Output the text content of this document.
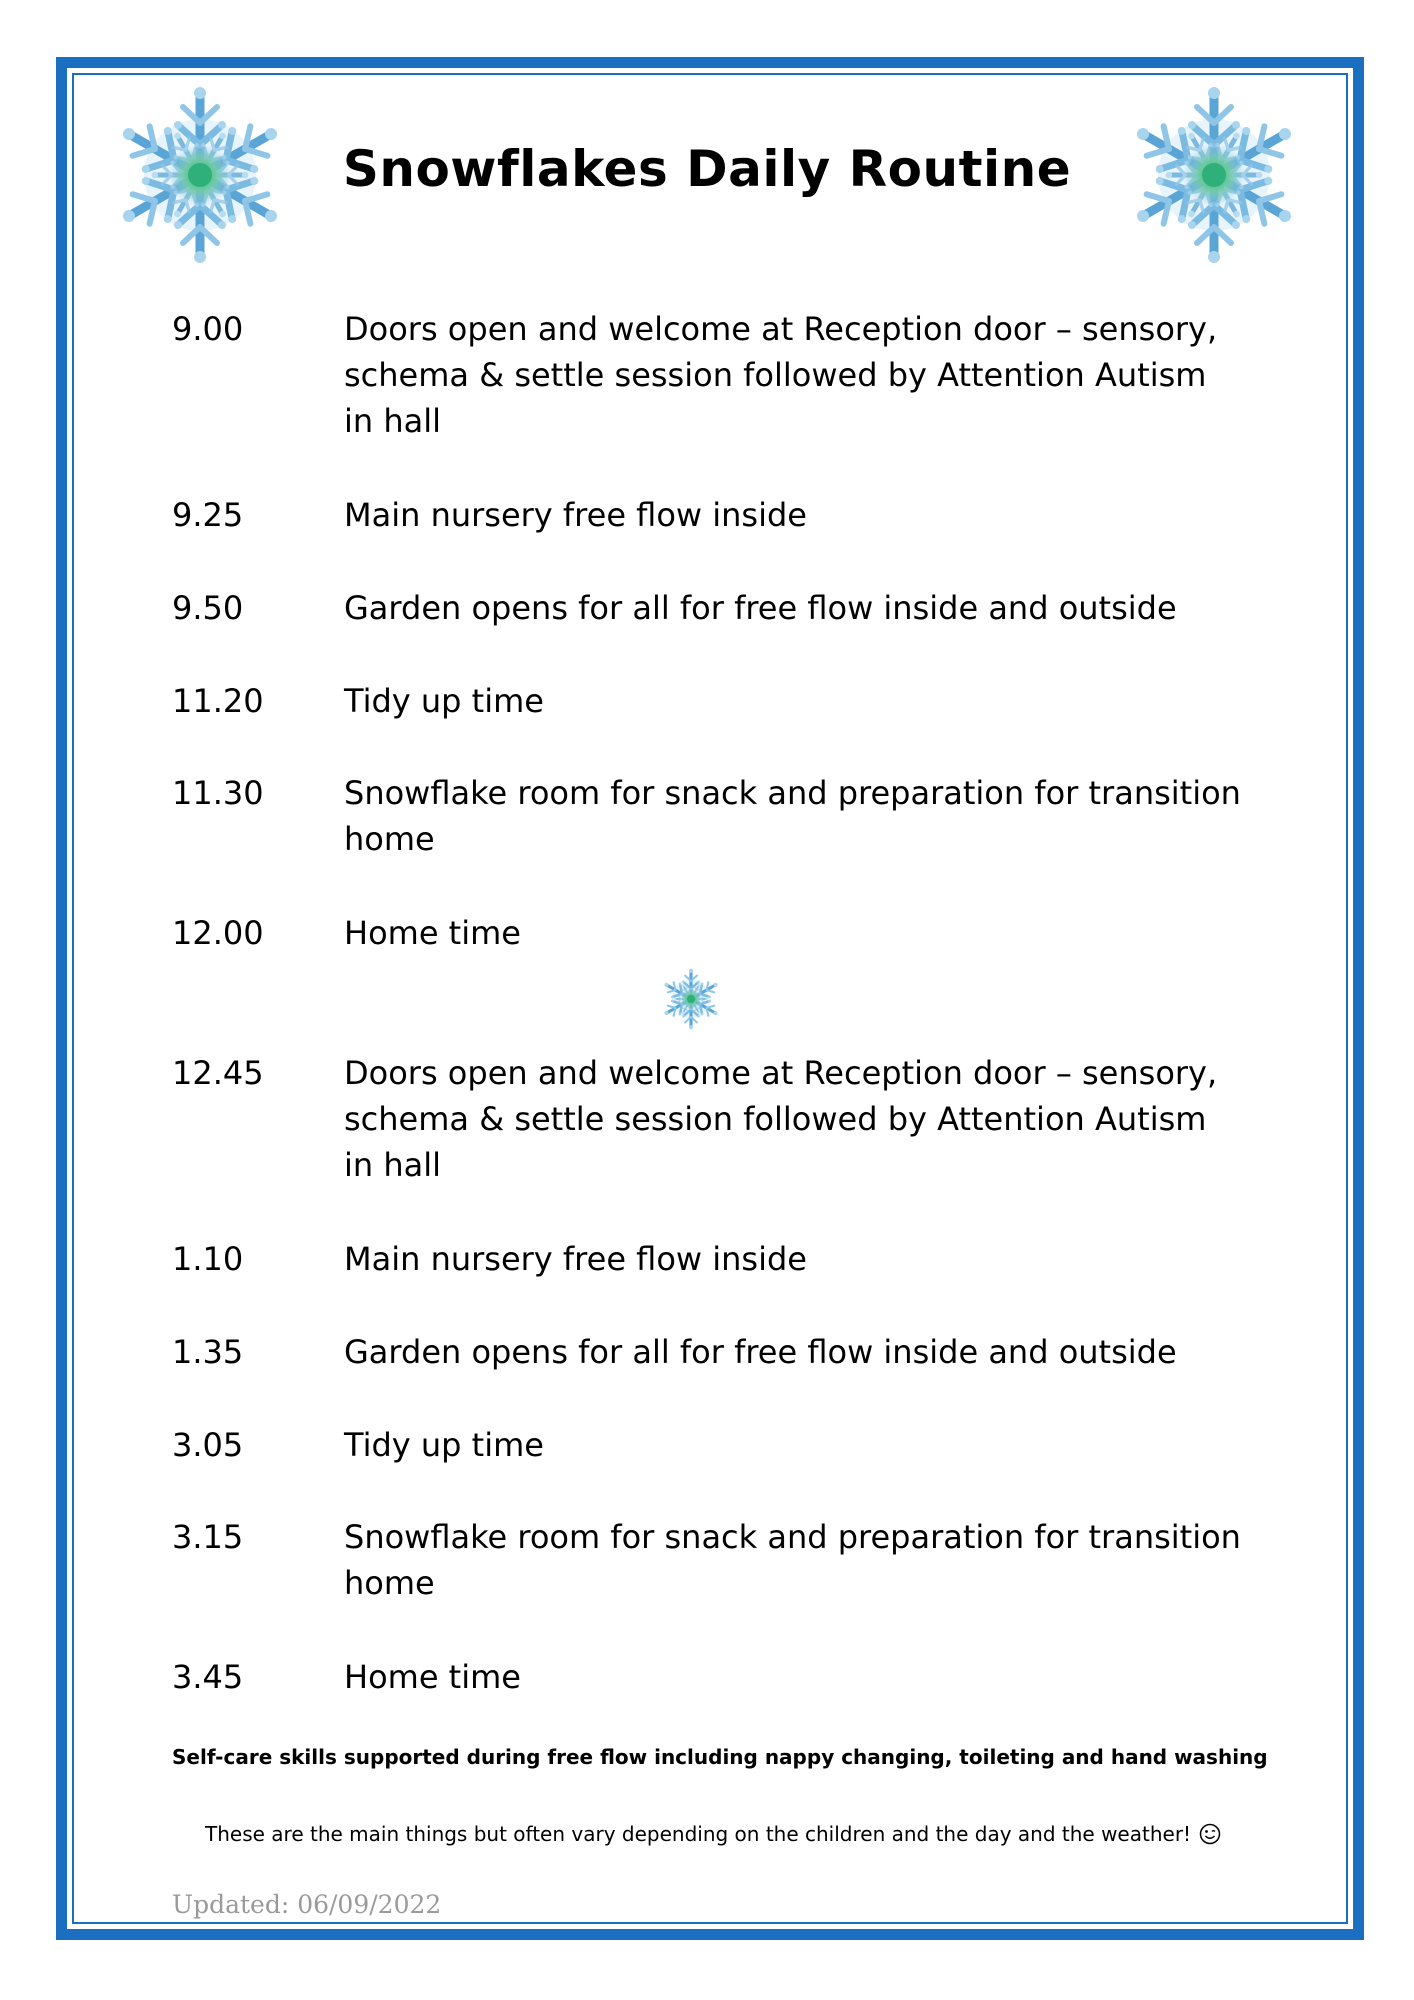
Snowflakes Daily Routine
9.00	Doors open and welcome at Reception door – sensory, schema & settle session followed by Attention Autism in hall
9.25	Main nursery free flow inside
9.50	Garden opens for all for free flow inside and outside
11.20	Tidy up time
11.30	Snowflake room for snack and preparation for transition home
12.00	Home time
12.45	Doors open and welcome at Reception door – sensory, schema & settle session followed by Attention Autism in hall
1.10	Main nursery free flow inside
1.35	Garden opens for all for free flow inside and outside
3.05	Tidy up time
3.15	Snowflake room for snack and preparation for transition home
3.45	Home time
Self-care skills supported during free flow including nappy changing, toileting and hand washing
These are the main things but often vary depending on the children and the day and the weather!
Updated: 06/09/2022
